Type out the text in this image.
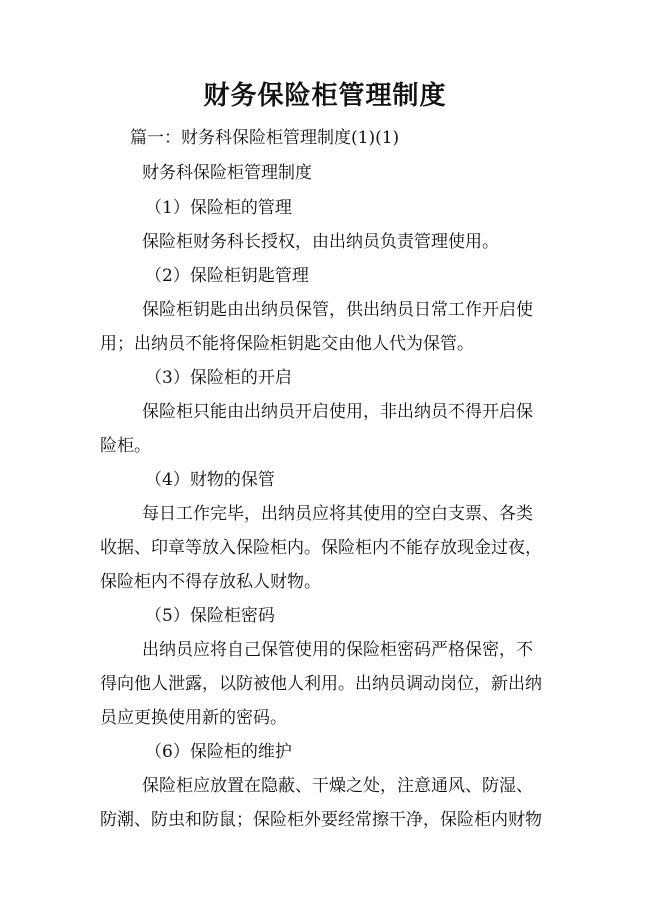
财务保险柜管理制度
篇一：财务科保险柜管理制度(1)(1)
财务科保险柜管理制度
（1）保险柜的管理
保险柜财务科长授权，由出纳员负责管理使用。
（2）保险柜钥匙管理
保险柜钥匙由出纳员保管，供出纳员日常工作开启使
用；出纳员不能将保险柜钥匙交由他人代为保管。
（3）保险柜的开启
保险柜只能由出纳员开启使用，非出纳员不得开启保
险柜。
（4）财物的保管
每日工作完毕，出纳员应将其使用的空白支票、各类
收据、印章等放入保险柜内。保险柜内不能存放现金过夜，
保险柜内不得存放私人财物。
（5）保险柜密码
出纳员应将自己保管使用的保险柜密码严格保密，不
得向他人泄露，以防被他人利用。出纳员调动岗位，新出纳
员应更换使用新的密码。
（6）保险柜的维护
保险柜应放置在隐蔽、干燥之处，注意通风、防湿、
防潮、防虫和防鼠；保险柜外要经常擦干净，保险柜内财物
